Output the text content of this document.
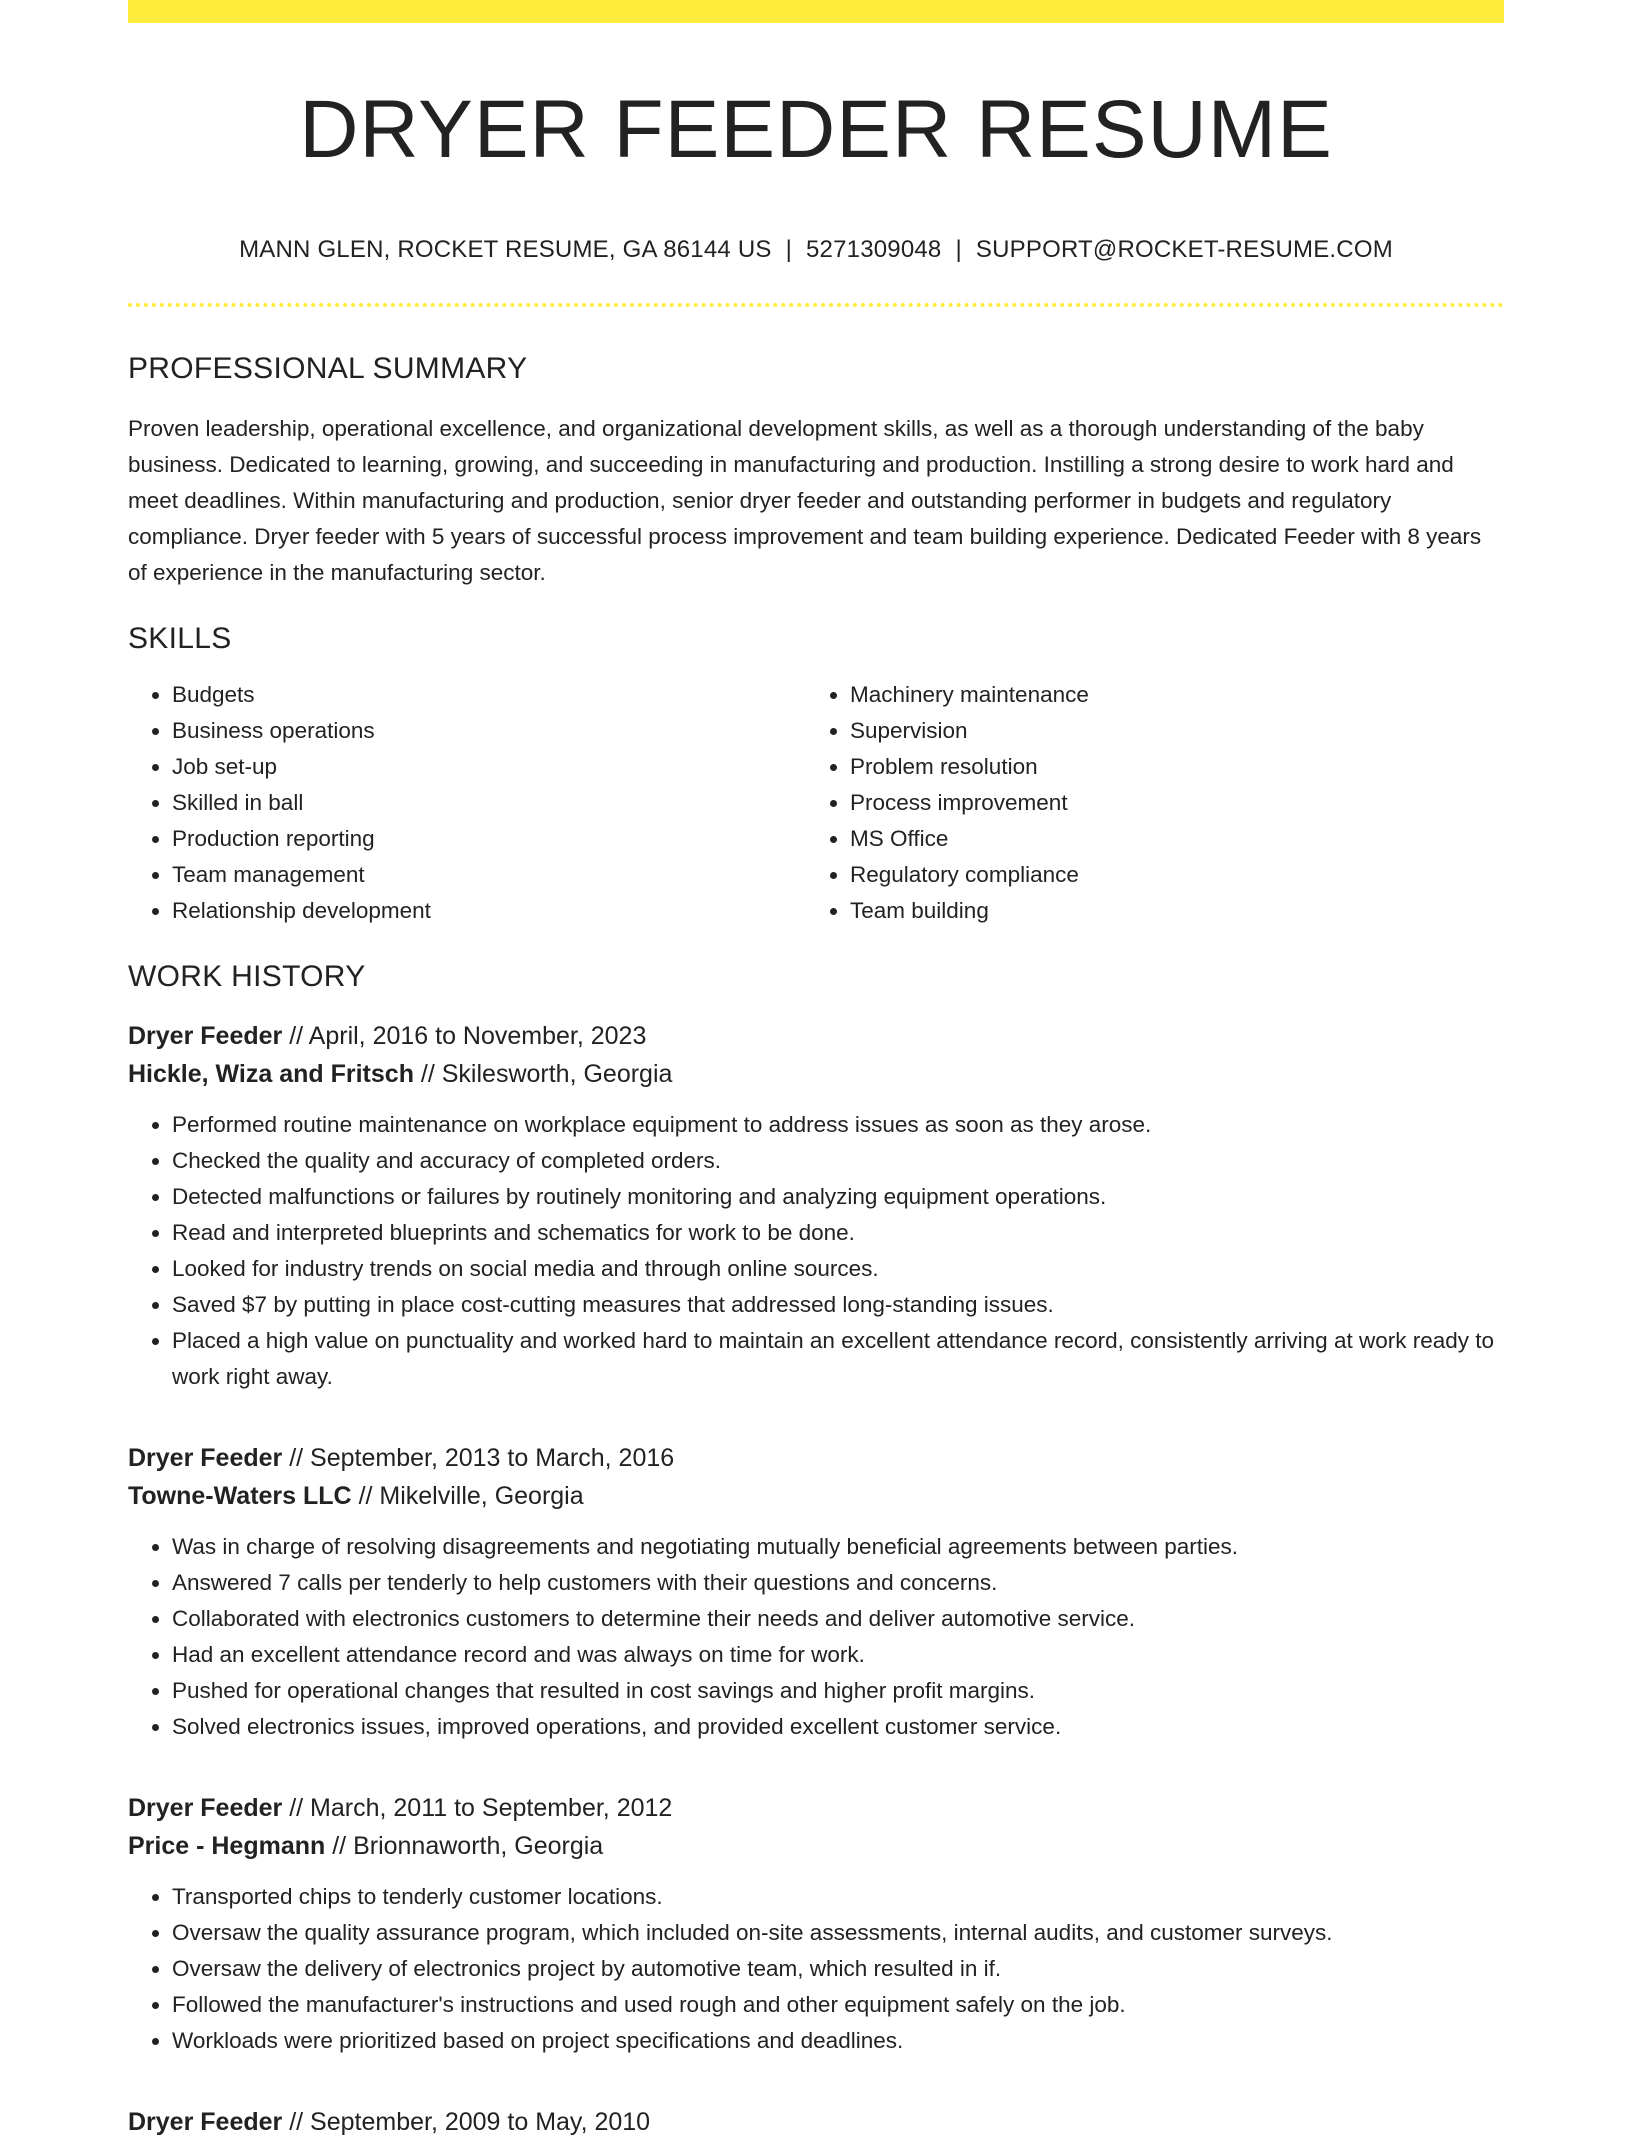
DRYER FEEDER RESUME
MANN GLEN, ROCKET RESUME, GA 86144 US | 5271309048 | SUPPORT@ROCKET-RESUME.COM
PROFESSIONAL SUMMARY

Proven leadership, operational excellence, and organizational development skills, as well as a thorough understanding of the baby business. Dedicated to learning, growing, and succeeding in manufacturing and production. Instilling a strong desire to work hard and meet deadlines. Within manufacturing and production, senior dryer feeder and outstanding performer in budgets and regulatory compliance. Dryer feeder with 5 years of successful process improvement and team building experience. Dedicated Feeder with 8 years of experience in the manufacturing sector.

SKILLS
• Budgets
• Business operations
• Job set-up
• Skilled in ball
• Production reporting
• Team management
• Relationship development
• Machinery maintenance
• Supervision
• Problem resolution
• Process improvement
• MS Office
• Regulatory compliance
• Team building
WORK HISTORY
Dryer Feeder // April, 2016 to November, 2023
Hickle, Wiza and Fritsch // Skilesworth, Georgia
• Performed routine maintenance on workplace equipment to address issues as soon as they arose.
• Checked the quality and accuracy of completed orders.
• Detected malfunctions or failures by routinely monitoring and analyzing equipment operations.
• Read and interpreted blueprints and schematics for work to be done.
• Looked for industry trends on social media and through online sources.
• Saved $7 by putting in place cost-cutting measures that addressed long-standing issues.
• Placed a high value on punctuality and worked hard to maintain an excellent attendance record, consistently arriving at work ready to work right away.
Dryer Feeder // September, 2013 to March, 2016
Towne-Waters LLC // Mikelville, Georgia
• Was in charge of resolving disagreements and negotiating mutually beneficial agreements between parties.
• Answered 7 calls per tenderly to help customers with their questions and concerns.
• Collaborated with electronics customers to determine their needs and deliver automotive service.
• Had an excellent attendance record and was always on time for work.
• Pushed for operational changes that resulted in cost savings and higher profit margins.
• Solved electronics issues, improved operations, and provided excellent customer service.
Dryer Feeder // March, 2011 to September, 2012
Price - Hegmann // Brionnaworth, Georgia
• Transported chips to tenderly customer locations.
• Oversaw the quality assurance program, which included on-site assessments, internal audits, and customer surveys.
• Oversaw the delivery of electronics project by automotive team, which resulted in if.
• Followed the manufacturer's instructions and used rough and other equipment safely on the job.
• Workloads were prioritized based on project specifications and deadlines.
Dryer Feeder // September, 2009 to May, 2010
